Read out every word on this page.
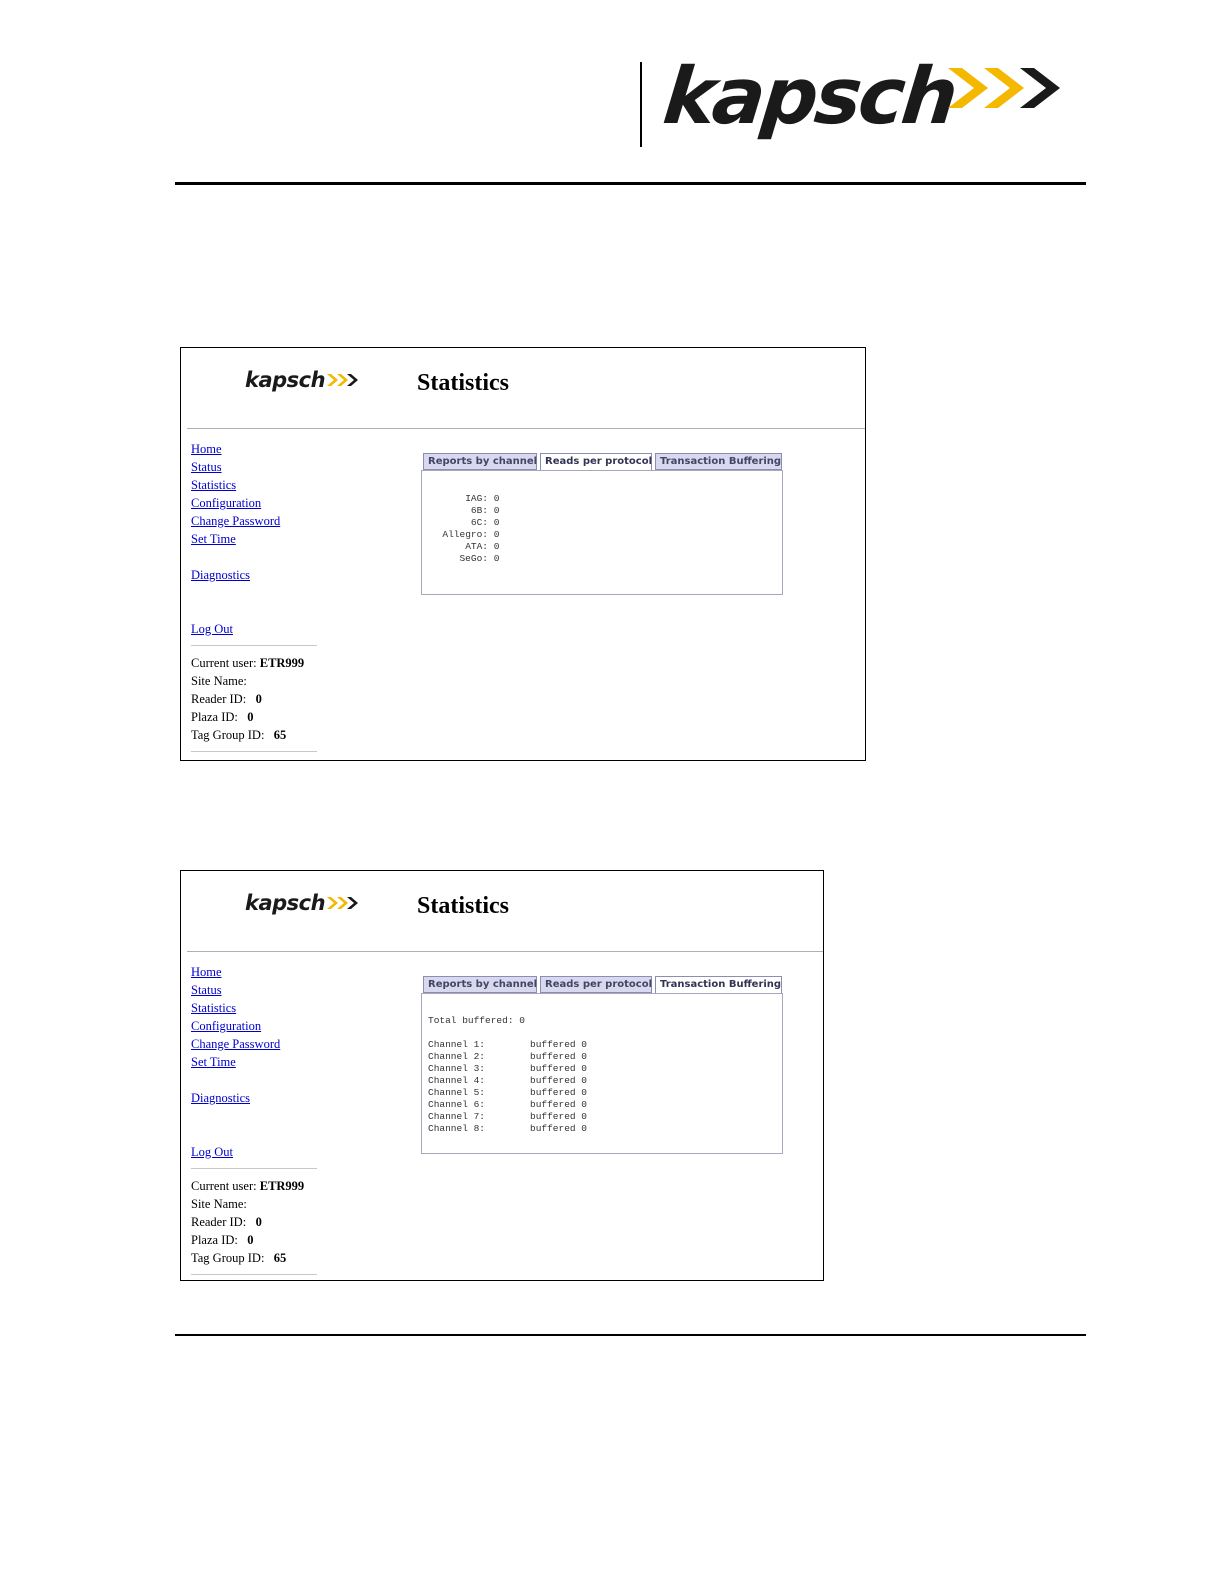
kapsch
kapsch	Statistics
Home
Status
Statistics
Configuration
Change Password
Set Time
Diagnostics
Log Out
Current user: ETR999
Site Name:
Reader ID: 0
Plaza ID: 0
Tag Group ID: 65
Reports by channel Reads per protocol Transaction Buffering
IAG: 0
6B: 0
6C: 0
Allegro: 0
ATA: 0
SeGo: 0
kapsch	Statistics
Home
Status
Statistics
Configuration
Change Password
Set Time
Diagnostics
Log Out
Current user: ETR999
Site Name:
Reader ID: 0
Plaza ID: 0
Tag Group ID: 65
Reports by channel Reads per protocol Transaction Buffering
Total buffered: 0
Channel 1:	buffered 0
Channel 2:	buffered 0
Channel 3:	buffered 0
Channel 4:	buffered 0
Channel 5:	buffered 0
Channel 6:	buffered 0
Channel 7:	buffered 0
Channel 8:	buffered 0
